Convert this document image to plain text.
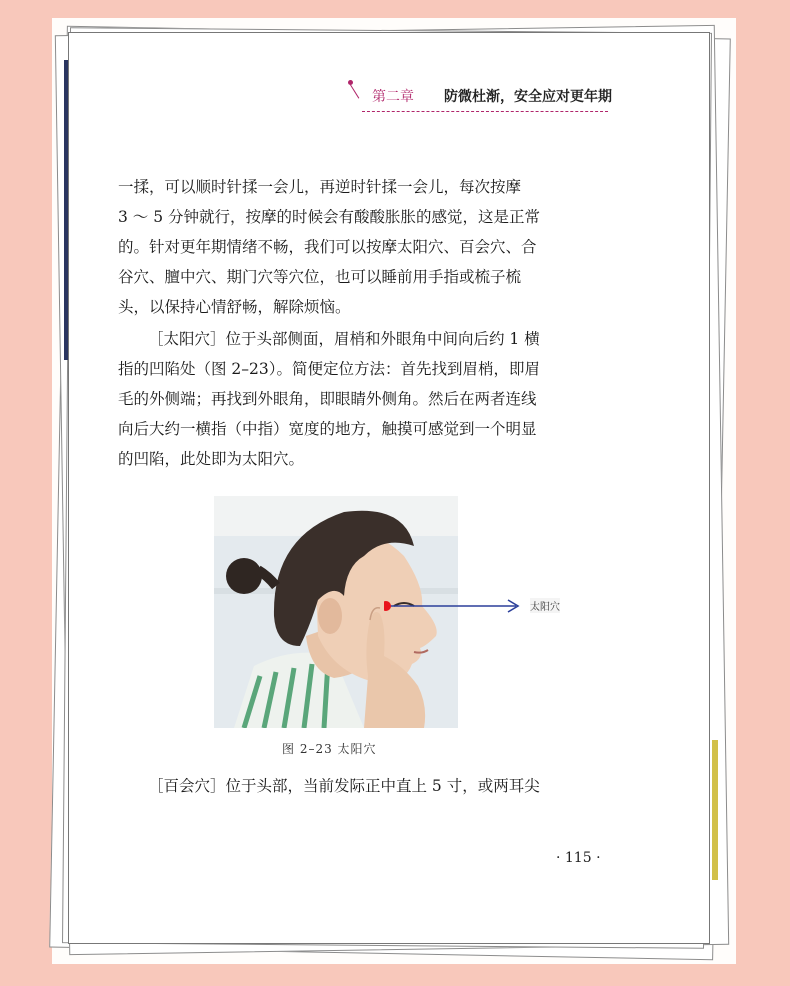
第二章 防微杜渐，安全应对更年期
一揉，可以顺时针揉一会儿，再逆时针揉一会儿，每次按摩
3 ～ 5 分钟就行，按摩的时候会有酸酸胀胀的感觉，这是正常
的。针对更年期情绪不畅，我们可以按摩太阳穴、百会穴、合
谷穴、膻中穴、期门穴等穴位，也可以睡前用手指或梳子梳
头，以保持心情舒畅，解除烦恼。
［太阳穴］位于头部侧面，眉梢和外眼角中间向后约 1 横
指的凹陷处（图 2–23）。简便定位方法：首先找到眉梢，即眉
毛的外侧端；再找到外眼角，即眼睛外侧角。然后在两者连线
向后大约一横指（中指）宽度的地方，触摸可感觉到一个明显
的凹陷，此处即为太阳穴。
太阳穴
图 2–23 太阳穴
［百会穴］位于头部，当前发际正中直上 5 寸，或两耳尖
· 115 ·
